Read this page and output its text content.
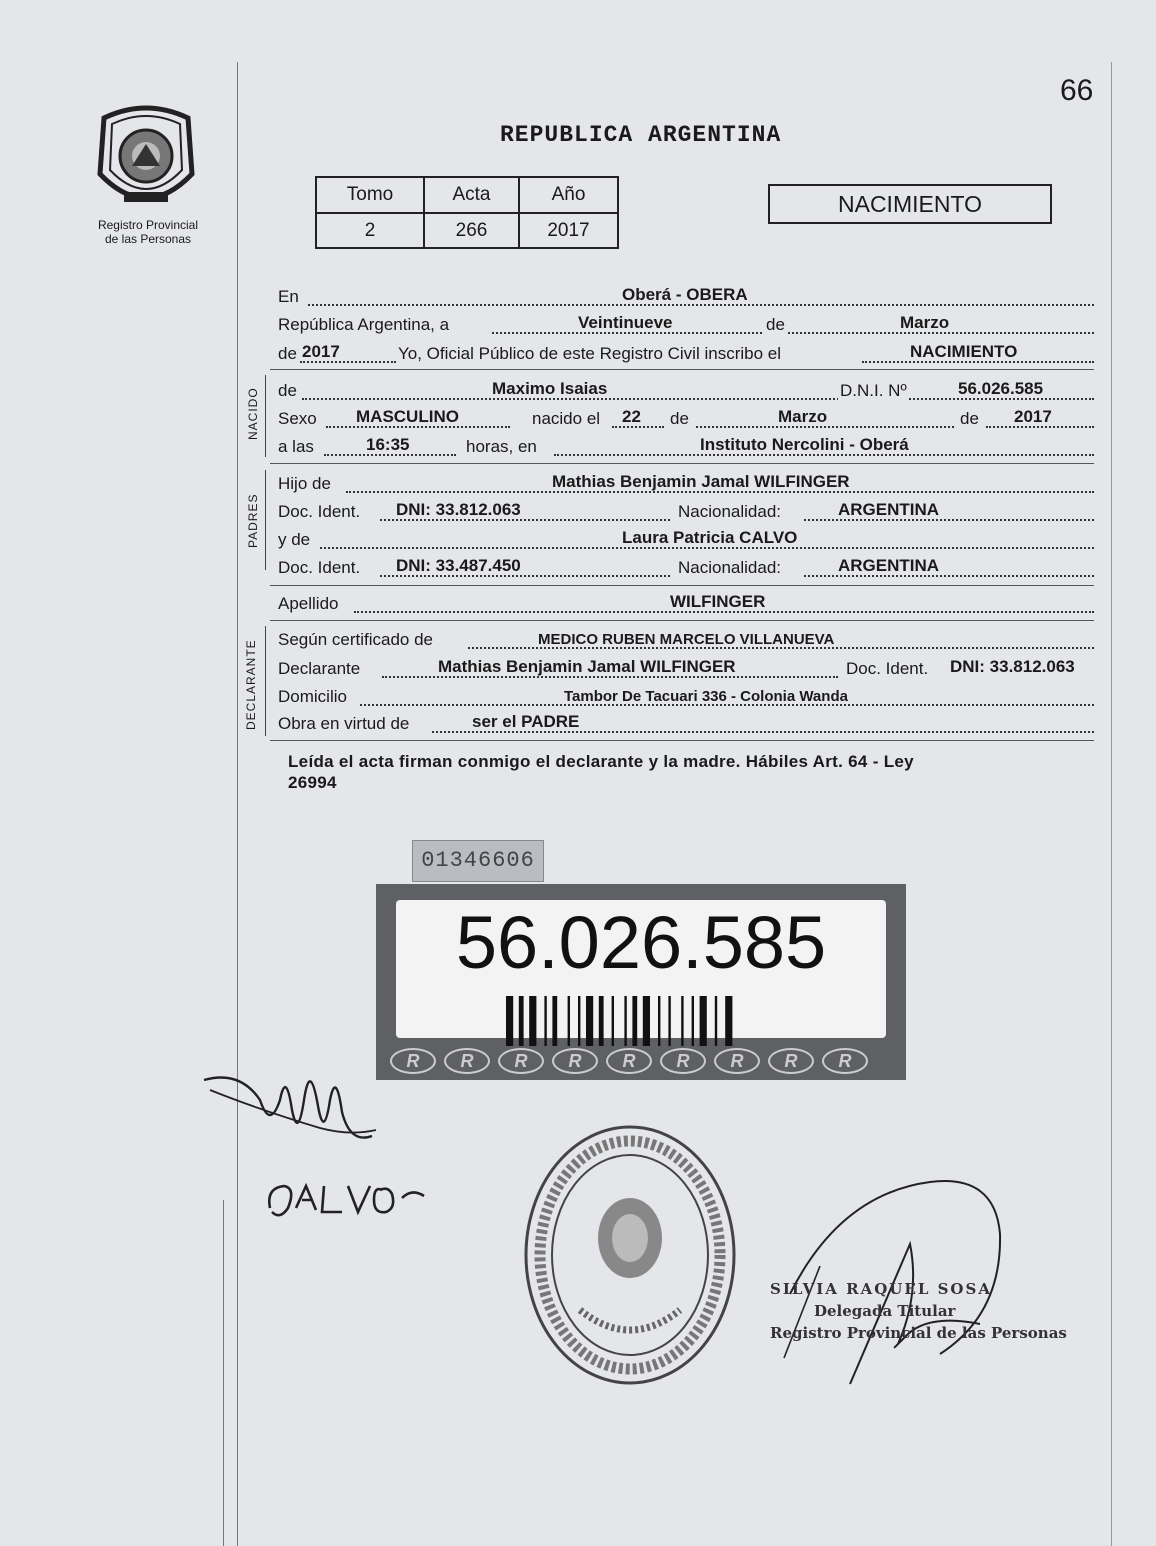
Registro Provincial
de las Personas
66
REPUBLICA ARGENTINA
Tomo	Acta	Año
2	266	2017
NACIMIENTO
En	Oberá - OBERA
República Argentina, a	Veintinueve	de	Marzo
de 2017	Yo, Oficial Público de este Registro Civil inscribo el	NACIMIENTO
NACIDO de	Maximo Isaias	D.N.I. Nº	56.026.585
Sexo MASCULINO	nacido el 22 de	Marzo	de 2017
a las	16:35	horas, en	Instituto Nercolini - Oberá
PADRES
Hijo de	Mathias Benjamin Jamal WILFINGER
Doc. Ident. DNI: 33.812.063	Nacionalidad:	ARGENTINA
y de	Laura Patricia CALVO
Doc. Ident. DNI: 33.487.450	Nacionalidad:	ARGENTINA
Apellido	WILFINGER
DECLARANTE Según certificado de	MEDICO RUBEN MARCELO VILLANUEVA
Declarante	Mathias Benjamin Jamal WILFINGER	Doc. Ident. DNI: 33.812.063
Domicilio	Tambor De Tacuari 336 - Colonia Wanda
Obra en virtud de	ser el PADRE
Leída el acta firman conmigo el declarante y la madre. Hábiles Art. 64 - Ley
26994
01346606
56.026.585
R R R R R R R R R
SILVIA RAQUEL SOSA
Delegada Titular
Registro Provincial de las Personas
